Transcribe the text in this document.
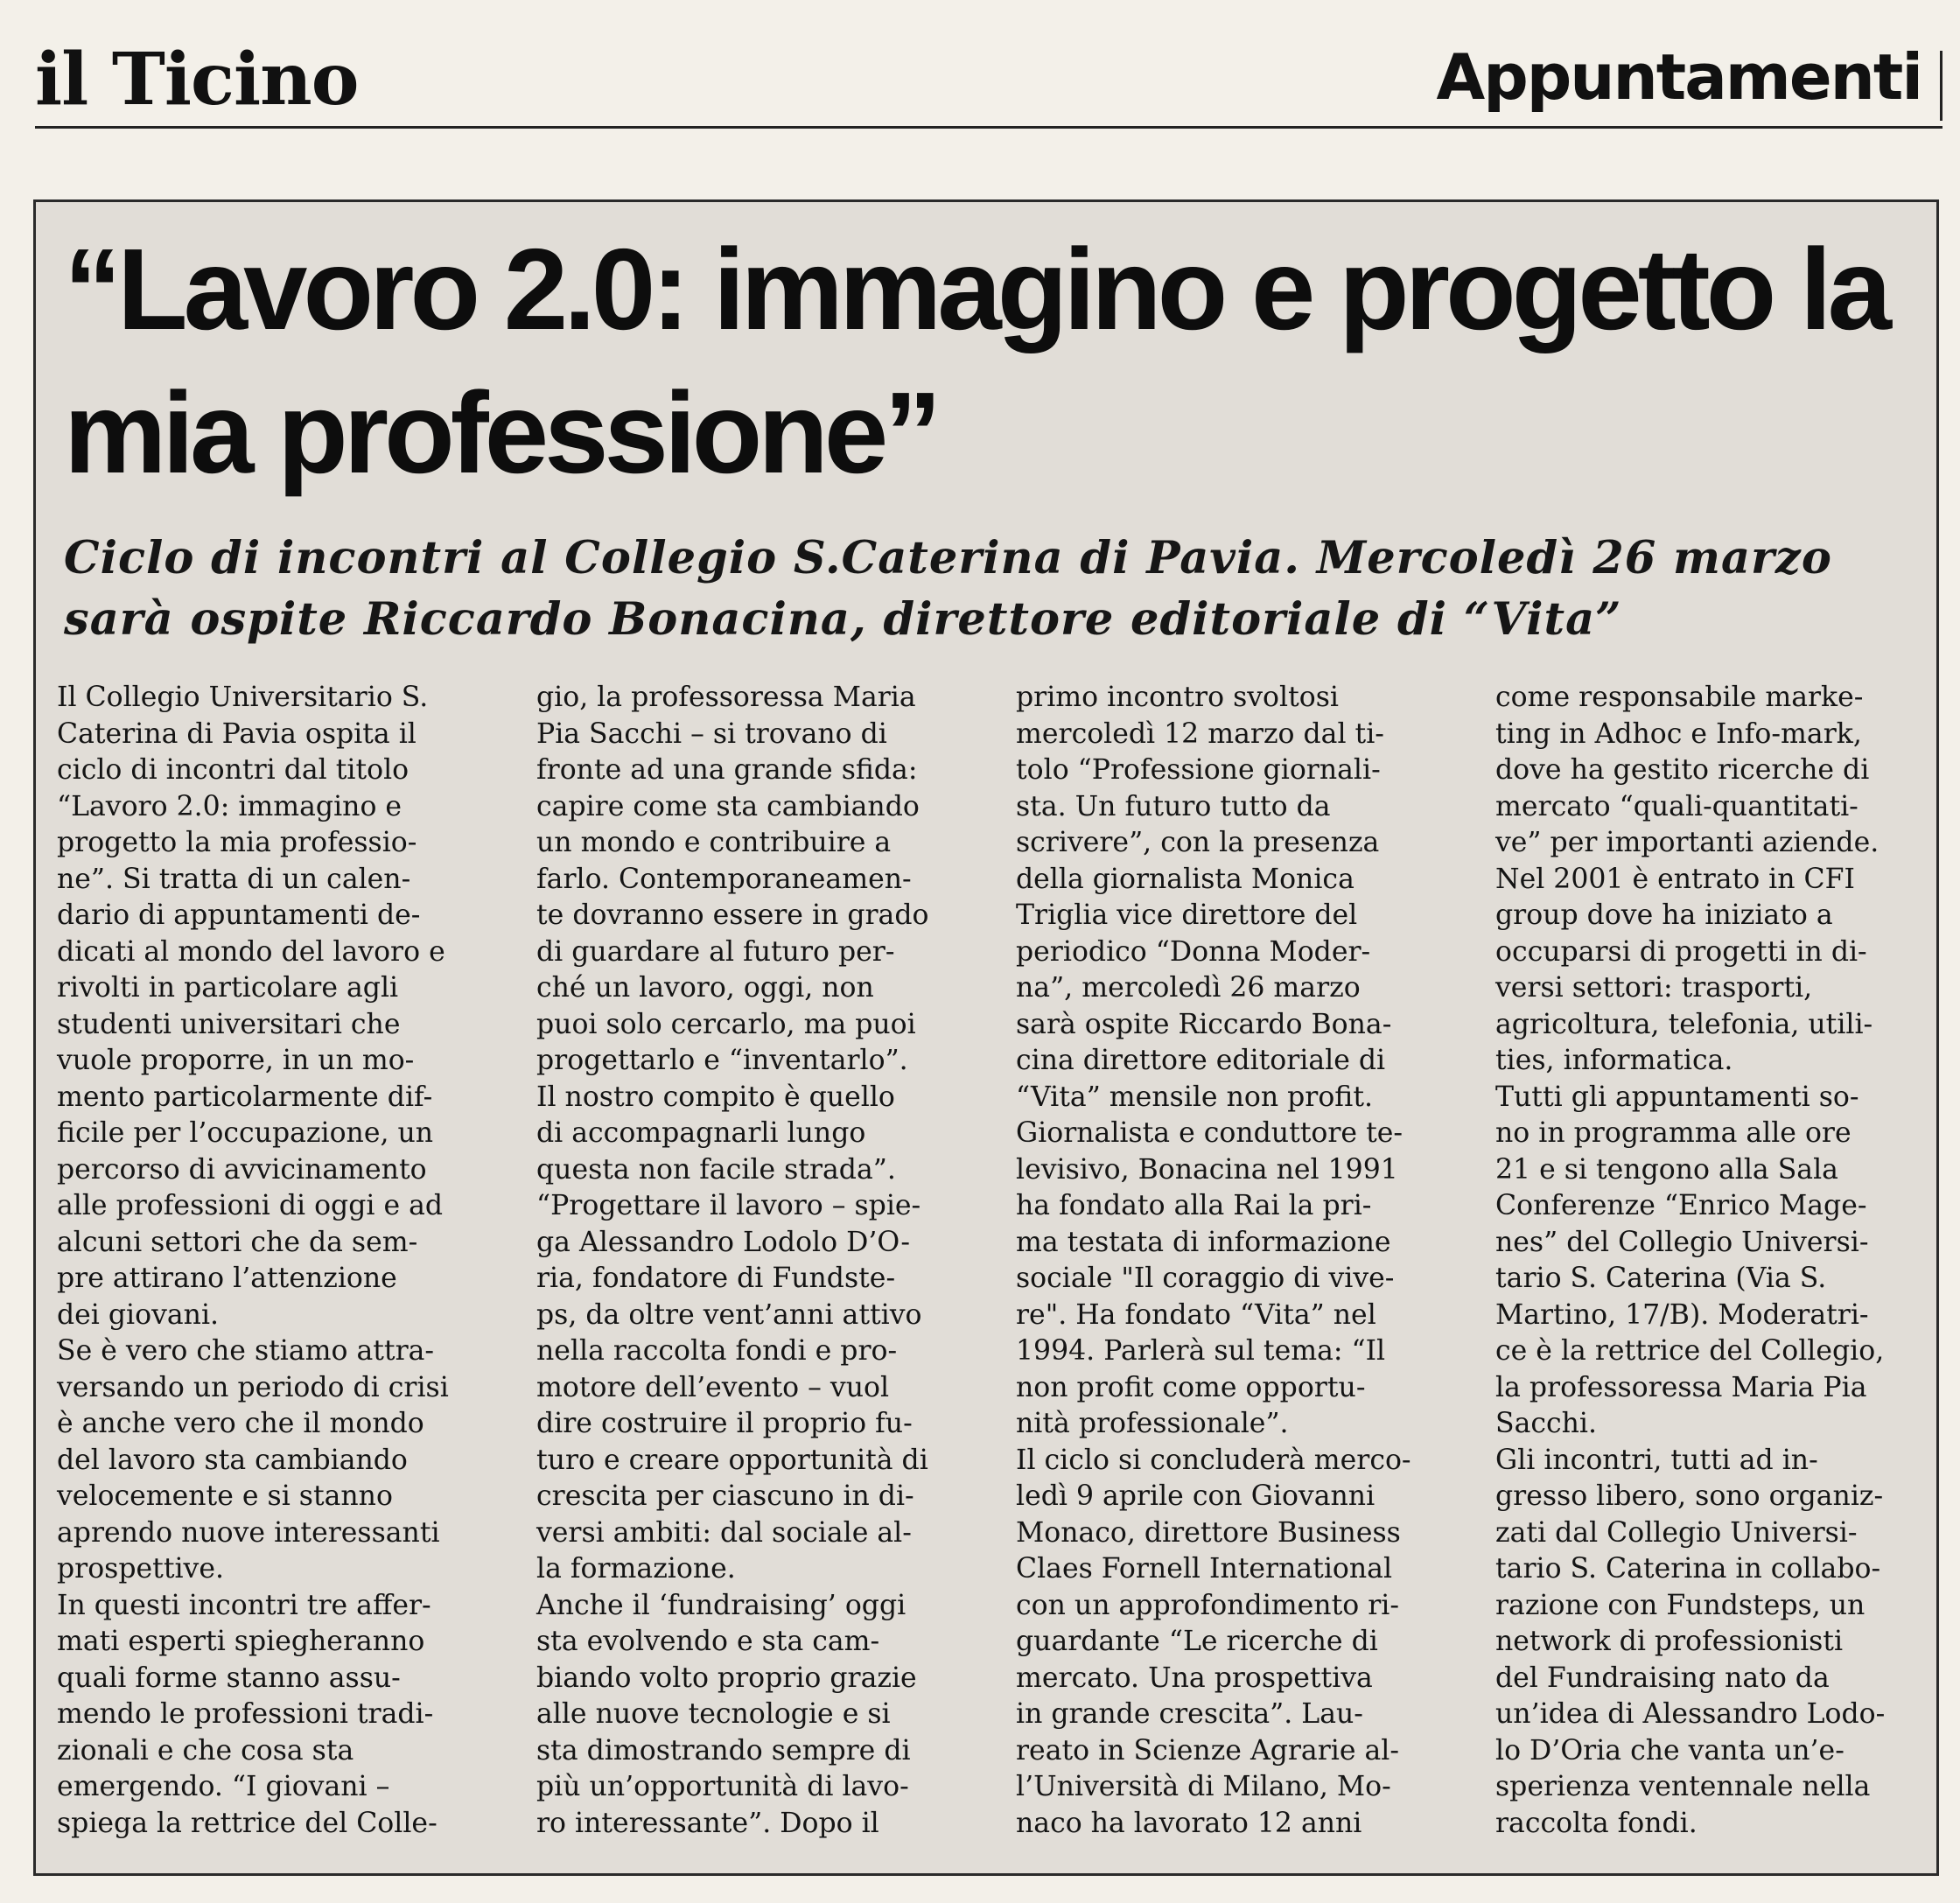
il Ticino	Appuntamenti
“Lavoro 2.0: immagino e progetto la mia professione”
Ciclo di incontri al Collegio S.Caterina di Pavia. Mercoledì 26 marzo sarà ospite Riccardo Bonacina, direttore editoriale di “Vita”

Il Collegio Universitario S.
Caterina di Pavia ospita il
ciclo di incontri dal titolo
“Lavoro 2.0: immagino e
progetto la mia professio-
ne”. Si tratta di un calen-
dario di appuntamenti de-
dicati al mondo del lavoro e
rivolti in particolare agli
studenti universitari che
vuole proporre, in un mo-
mento particolarmente dif-
ficile per l’occupazione, un
percorso di avvicinamento
alle professioni di oggi e ad
alcuni settori che da sem-
pre attirano l’attenzione
dei giovani.
Se è vero che stiamo attra-
versando un periodo di crisi
è anche vero che il mondo
del lavoro sta cambiando
velocemente e si stanno
aprendo nuove interessanti
prospettive.
In questi incontri tre affer-
mati esperti spiegheranno
quali forme stanno assu-
mendo le professioni tradi-
zionali e che cosa sta
emergendo. “I giovani –
spiega la rettrice del Colle-

gio, la professoressa Maria
Pia Sacchi – si trovano di
fronte ad una grande sfida:
capire come sta cambiando
un mondo e contribuire a
farlo. Contemporaneamen-
te dovranno essere in grado
di guardare al futuro per-
ché un lavoro, oggi, non
puoi solo cercarlo, ma puoi
progettarlo e “inventarlo”.
Il nostro compito è quello
di accompagnarli lungo
questa non facile strada”.
“Progettare il lavoro – spie-
ga Alessandro Lodolo D’O-
ria, fondatore di Fundste-
ps, da oltre vent’anni attivo
nella raccolta fondi e pro-
motore dell’evento – vuol
dire costruire il proprio fu-
turo e creare opportunità di
crescita per ciascuno in di-
versi ambiti: dal sociale al-
la formazione.
Anche il ‘fundraising’ oggi
sta evolvendo e sta cam-
biando volto proprio grazie
alle nuove tecnologie e si
sta dimostrando sempre di
più un’opportunità di lavo-
ro interessante”. Dopo il

primo incontro svoltosi
mercoledì 12 marzo dal ti-
tolo “Professione giornali-
sta. Un futuro tutto da
scrivere”, con la presenza
della giornalista Monica
Triglia vice direttore del
periodico “Donna Moder-
na”, mercoledì 26 marzo
sarà ospite Riccardo Bona-
cina direttore editoriale di
“Vita” mensile non profit.
Giornalista e conduttore te-
levisivo, Bonacina nel 1991
ha fondato alla Rai la pri-
ma testata di informazione
sociale "Il coraggio di vive-
re". Ha fondato “Vita” nel
1994. Parlerà sul tema: “Il
non profit come opportu-
nità professionale”.
Il ciclo si concluderà merco-
ledì 9 aprile con Giovanni
Monaco, direttore Business
Claes Fornell International
con un approfondimento ri-
guardante “Le ricerche di
mercato. Una prospettiva
in grande crescita”. Lau-
reato in Scienze Agrarie al-
l’Università di Milano, Mo-
naco ha lavorato 12 anni

come responsabile marke-
ting in Adhoc e Info-mark,
dove ha gestito ricerche di
mercato “quali-quantitati-
ve” per importanti aziende.
Nel 2001 è entrato in CFI
group dove ha iniziato a
occuparsi di progetti in di-
versi settori: trasporti,
agricoltura, telefonia, utili-
ties, informatica.
Tutti gli appuntamenti so-
no in programma alle ore
21 e si tengono alla Sala
Conferenze “Enrico Mage-
nes” del Collegio Universi-
tario S. Caterina (Via S.
Martino, 17/B). Moderatri-
ce è la rettrice del Collegio,
la professoressa Maria Pia
Sacchi.
Gli incontri, tutti ad in-
gresso libero, sono organiz-
zati dal Collegio Universi-
tario S. Caterina in collabo-
razione con Fundsteps, un
network di professionisti
del Fundraising nato da
un’idea di Alessandro Lodo-
lo D’Oria che vanta un’e-
sperienza ventennale nella
raccolta fondi.
